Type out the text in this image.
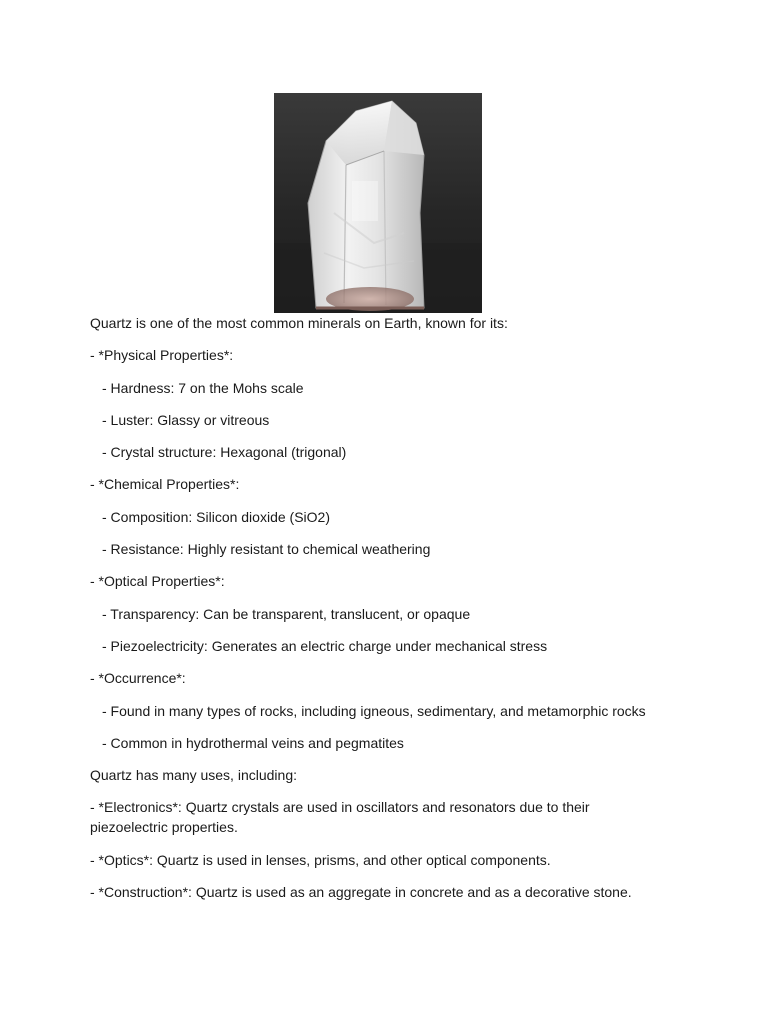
Quartz is one of the most common minerals on Earth, known for its:
- *Physical Properties*:
- Hardness: 7 on the Mohs scale
- Luster: Glassy or vitreous
- Crystal structure: Hexagonal (trigonal)
- *Chemical Properties*:
- Composition: Silicon dioxide (SiO2)
- Resistance: Highly resistant to chemical weathering
- *Optical Properties*:
- Transparency: Can be transparent, translucent, or opaque
- Piezoelectricity: Generates an electric charge under mechanical stress
- *Occurrence*:
- Found in many types of rocks, including igneous, sedimentary, and metamorphic rocks
- Common in hydrothermal veins and pegmatites
Quartz has many uses, including:
- *Electronics*: Quartz crystals are used in oscillators and resonators due to their piezoelectric properties.
- *Optics*: Quartz is used in lenses, prisms, and other optical components.
- *Construction*: Quartz is used as an aggregate in concrete and as a decorative stone.
